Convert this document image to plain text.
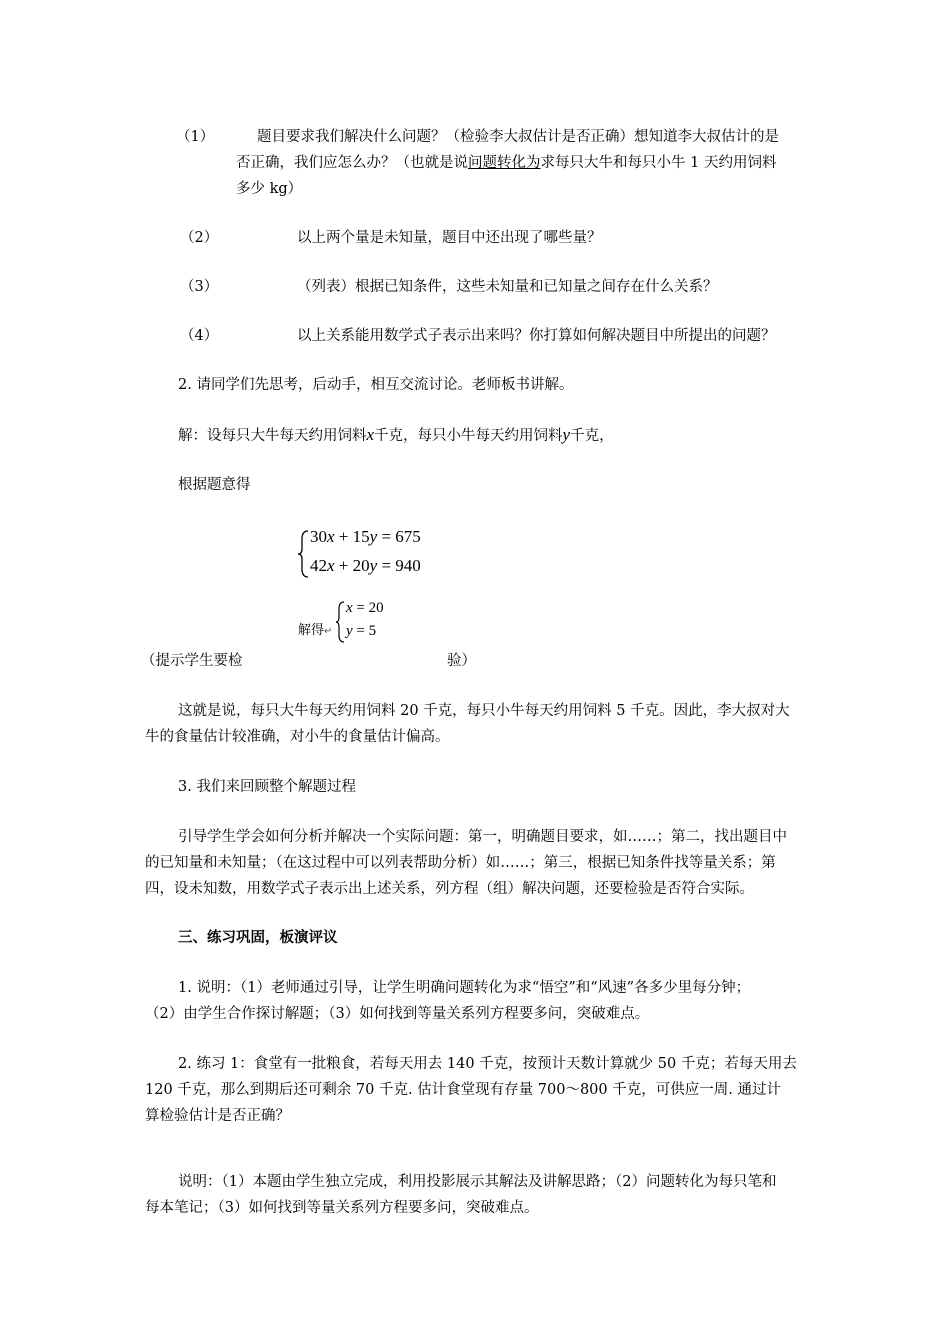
（1）	题目要求我们解决什么问题？（检验李大叔估计是否正确）想知道李大叔估计的是
否正确，我们应怎么办？（也就是说问题转化为求每只大牛和每只小牛 1 天约用饲料
多少 kg）
（2）	以上两个量是未知量，题目中还出现了哪些量？
（3）	（列表）根据已知条件，这些未知量和已知量之间存在什么关系？
（4）	以上关系能用数学式子表示出来吗？你打算如何解决题目中所提出的问题？
2. 请同学们先思考，后动手，相互交流讨论。老师板书讲解。
解：设每只大牛每天约用饲料x千克，每只小牛每天约用饲料y千克，
根据题意得
30x + 15y = 675
42x + 20y = 940
解得↵
x = 20
y = 5
（提示学生要检	验）
这就是说，每只大牛每天约用饲料 20 千克，每只小牛每天约用饲料 5 千克。因此，李大叔对大
牛的食量估计较准确，对小牛的食量估计偏高。
3. 我们来回顾整个解题过程
引导学生学会如何分析并解决一个实际问题：第一，明确题目要求，如……；第二，找出题目中
的已知量和未知量；（在这过程中可以列表帮助分析）如……；第三，根据已知条件找等量关系；第
四，设未知数，用数学式子表示出上述关系，列方程（组）解决问题，还要检验是否符合实际。
三、练习巩固，板演评议
1. 说明：（1）老师通过引导，让学生明确问题转化为求“悟空”和“风速”各多少里每分钟；
（2）由学生合作探讨解题；（3）如何找到等量关系列方程要多问，突破难点。
2. 练习 1：食堂有一批粮食，若每天用去 140 千克，按预计天数计算就少 50 千克；若每天用去
120 千克，那么到期后还可剩余 70 千克. 估计食堂现有存量 700～800 千克，可供应一周. 通过计
算检验估计是否正确？
说明：（1）本题由学生独立完成，利用投影展示其解法及讲解思路；（2）问题转化为每只笔和
每本笔记；（3）如何找到等量关系列方程要多问，突破难点。
